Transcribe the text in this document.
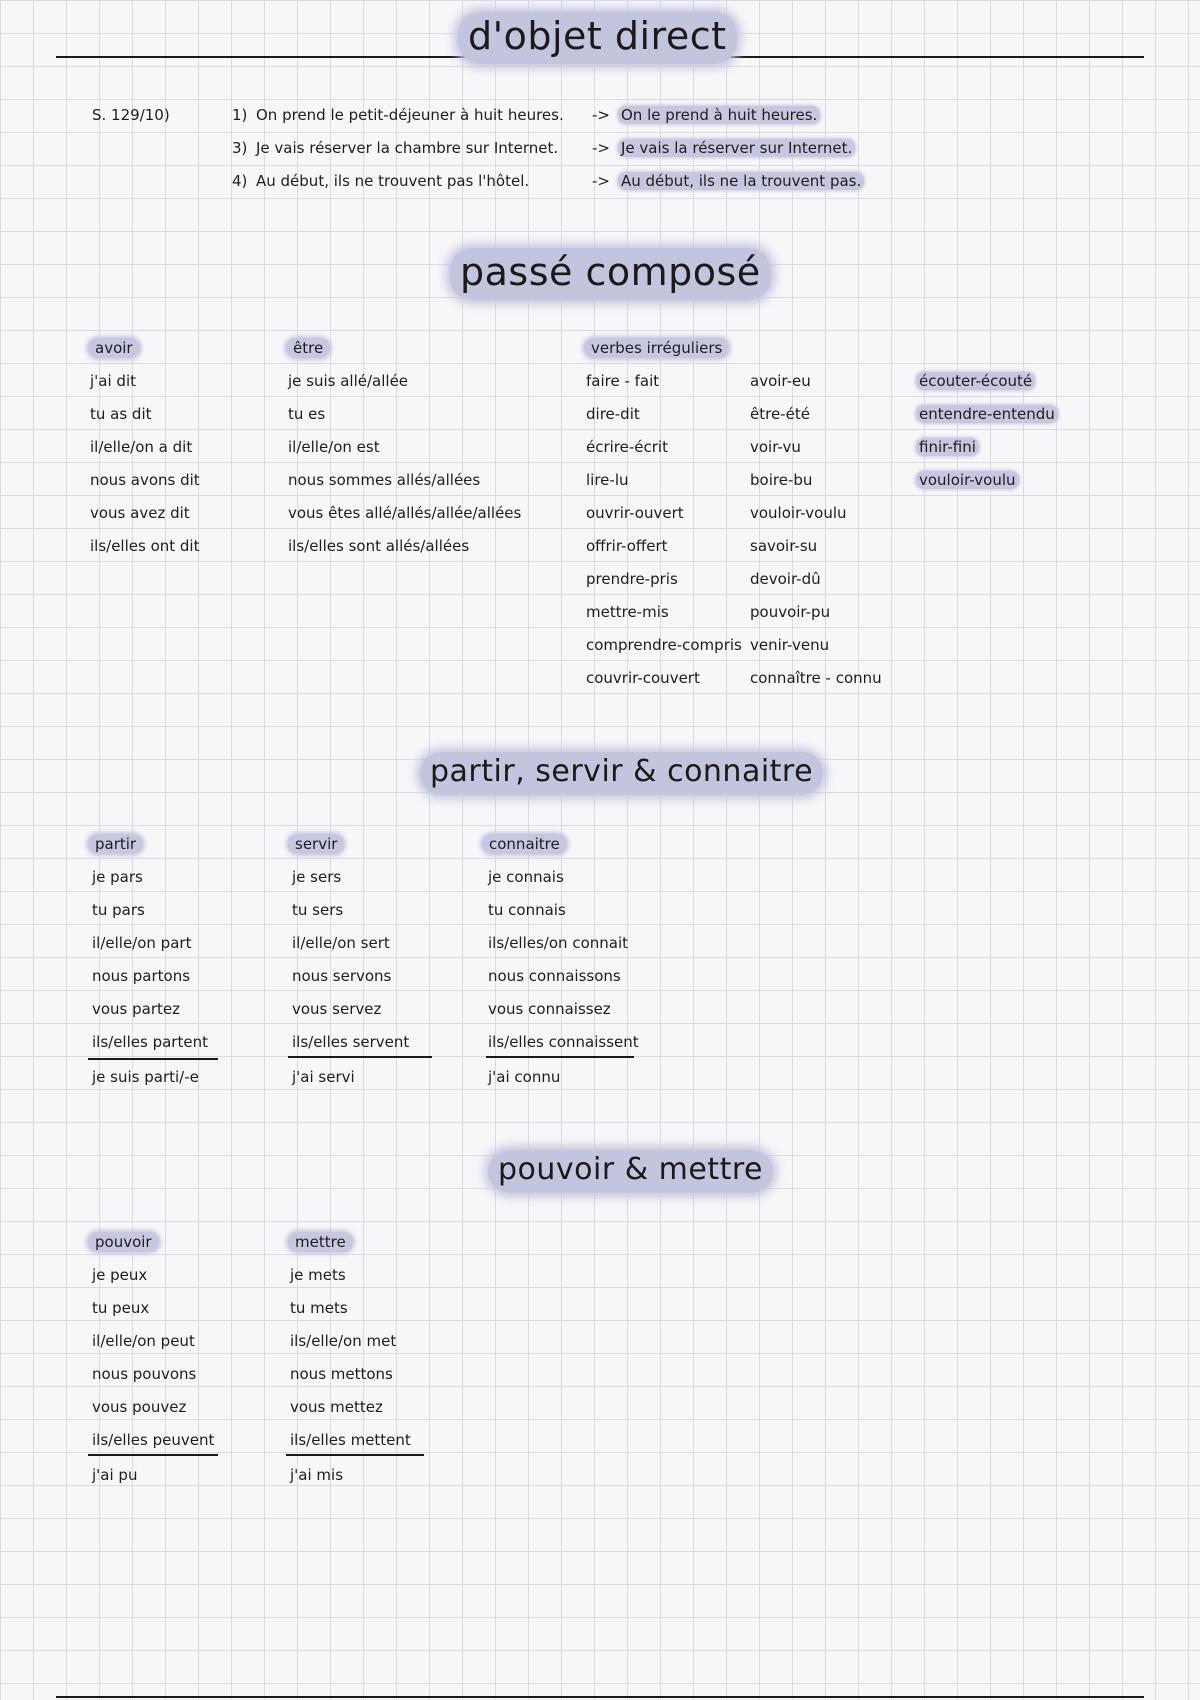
d'objet direct
S. 129/10)	1) On prend le petit-déjeuner à huit heures. -> On le prend à huit heures.
3) Je vais réserver la chambre sur Internet. -> Je vais la réserver sur Internet.
4) Au début, ils ne trouvent pas l'hôtel.	-> Au début, ils ne la trouvent pas.
passé composé
avoir
j'ai dit
tu as dit
il/elle/on a dit
nous avons dit
vous avez dit
ils/elles ont dit
être
je suis allé/allée
tu es
il/elle/on est
nous sommes allés/allées
vous êtes allé/allés/allée/allées
ils/elles sont allés/allées
verbes irréguliers
faire - fait
dire-dit
écrire-écrit
lire-lu
ouvrir-ouvert
offrir-offert
prendre-pris
mettre-mis
comprendre-compris
couvrir-couvert
avoir-eu
être-été
voir-vu
boire-bu
vouloir-voulu
savoir-su
devoir-dû
pouvoir-pu
venir-venu
connaître - connu
écouter-écouté
entendre-entendu
finir-fini
vouloir-voulu
partir, servir & connaitre
partir
je pars
tu pars
il/elle/on part
nous partons
vous partez
ils/elles partent
je suis parti/-e
servir
je sers
tu sers
il/elle/on sert
nous servons
vous servez
ils/elles servent
j'ai servi
connaitre
je connais
tu connais
ils/elles/on connait
nous connaissons
vous connaissez
ils/elles connaissent
j'ai connu
pouvoir & mettre
pouvoir
je peux
tu peux
il/elle/on peut
nous pouvons
vous pouvez
ils/elles peuvent
j'ai pu
mettre
je mets
tu mets
ils/elle/on met
nous mettons
vous mettez
ils/elles mettent
j'ai mis
